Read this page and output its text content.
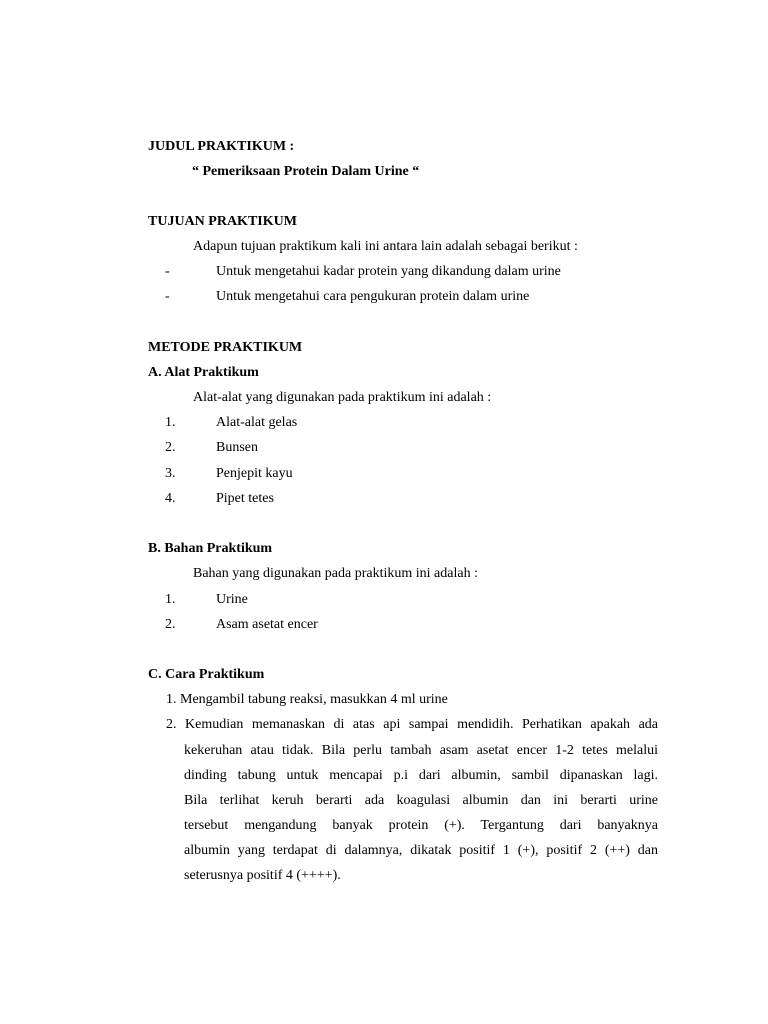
JUDUL PRAKTIKUM :
“ Pemeriksaan Protein Dalam Urine “
TUJUAN PRAKTIKUM
Adapun tujuan praktikum kali ini antara lain adalah sebagai berikut :
-	Untuk mengetahui kadar protein yang dikandung dalam urine
-	Untuk mengetahui cara pengukuran protein dalam urine
METODE PRAKTIKUM
A. Alat Praktikum
Alat-alat yang digunakan pada praktikum ini adalah :
1.	Alat-alat gelas
2.	Bunsen
3.	Penjepit kayu
4.	Pipet tetes
B. Bahan Praktikum
Bahan yang digunakan pada praktikum ini adalah :
1.	Urine
2.	Asam asetat encer
C. Cara Praktikum
1. Mengambil tabung reaksi, masukkan 4 ml urine
2. Kemudian memanaskan di atas api sampai mendidih. Perhatikan apakah ada
kekeruhan atau tidak. Bila perlu tambah asam asetat encer 1-2 tetes melalui
dinding tabung untuk mencapai p.i dari albumin, sambil dipanaskan lagi.
Bila terlihat keruh berarti ada koagulasi albumin dan ini berarti urine
tersebut mengandung banyak protein (+). Tergantung dari banyaknya
albumin yang terdapat di dalamnya, dikatak positif 1 (+), positif 2 (++) dan
seterusnya positif 4 (++++).
